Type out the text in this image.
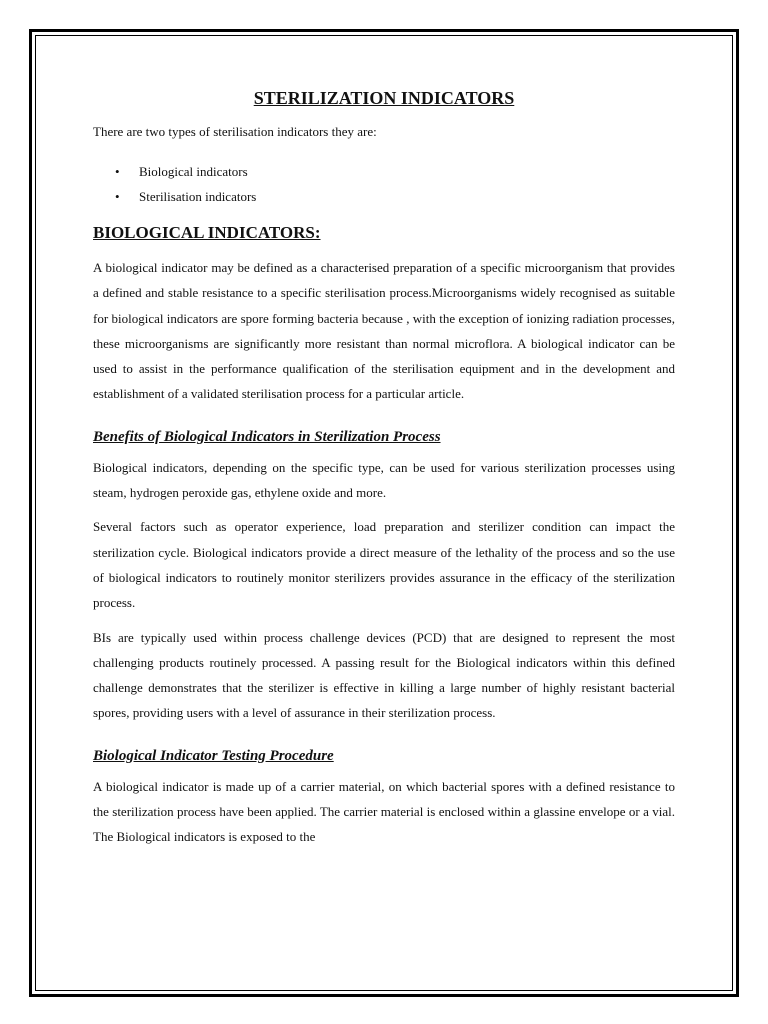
STERILIZATION INDICATORS

There are two types of sterilisation indicators they are:

• Biological indicators
• Sterilisation indicators
BIOLOGICAL INDICATORS:

A biological indicator may be defined as a characterised preparation of a specific microorganism that provides a defined and stable resistance to a specific sterilisation process.Microorganisms widely recognised as suitable for biological indicators are spore forming bacteria because , with the exception of ionizing radiation processes, these microorganisms are significantly more resistant than normal microflora. A biological indicator can be used to assist in the performance qualification of the sterilisation equipment and in the development and establishment of a validated sterilisation process for a particular article.

Benefits of Biological Indicators in Sterilization Process

Biological indicators, depending on the specific type, can be used for various sterilization processes using steam, hydrogen peroxide gas, ethylene oxide and more.

Several factors such as operator experience, load preparation and sterilizer condition can impact the sterilization cycle. Biological indicators provide a direct measure of the lethality of the process and so the use of biological indicators to routinely monitor sterilizers provides assurance in the efficacy of the sterilization process.

BIs are typically used within process challenge devices (PCD) that are designed to represent the most challenging products routinely processed. A passing result for the Biological indicators within this defined challenge demonstrates that the sterilizer is effective in killing a large number of highly resistant bacterial spores, providing users with a level of assurance in their sterilization process.

Biological Indicator Testing Procedure

A biological indicator is made up of a carrier material, on which bacterial spores with a defined resistance to the sterilization process have been applied. The carrier material is enclosed within a glassine envelope or a vial. The Biological indicators is exposed to the
